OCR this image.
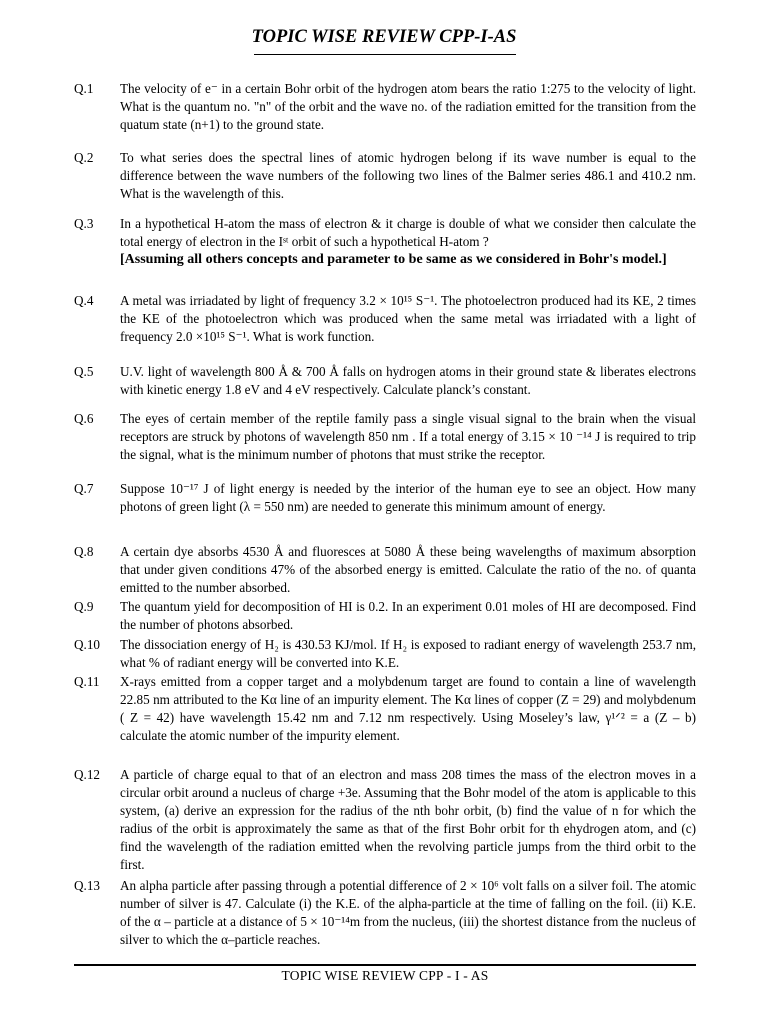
TOPIC WISE REVIEW CPP-I-AS
Q.1	The velocity of e⁻ in a certain Bohr orbit of the hydrogen atom bears the ratio 1:275 to the velocity of light. What is the quantum no. "n" of the orbit and the wave no. of the radiation emitted for the transition from the quatum state (n+1) to the ground state.
Q.2	To what series does the spectral lines of atomic hydrogen belong if its wave number is equal to the difference between the wave numbers of the following two lines of the Balmer series 486.1 and 410.2 nm. What is the wavelength of this.
Q.3	In a hypothetical H-atom the mass of electron & it charge is double of what we consider then calculate the total energy of electron in the Iˢᵗ orbit of such a hypothetical H-atom ?
[Assuming all others concepts and parameter to be same as we considered in Bohr's model.]
Q.4	A metal was irriadated by light of frequency 3.2 × 10¹⁵ S⁻¹. The photoelectron produced had its KE, 2 times the KE of the photoelectron which was produced when the same metal was irriadated with a light of frequency 2.0 ×10¹⁵ S⁻¹. What is work function.
Q.5	U.V. light of wavelength 800 Å & 700 Å falls on hydrogen atoms in their ground state & liberates electrons with kinetic energy 1.8 eV and 4 eV respectively. Calculate planck’s constant.
Q.6	The eyes of certain member of the reptile family pass a single visual signal to the brain when the visual receptors are struck by photons of wavelength 850 nm . If a total energy of 3.15 × 10 ⁻¹⁴ J is required to trip the signal, what is the minimum number of photons that must strike the receptor.
Q.7	Suppose 10⁻¹⁷ J of light energy is needed by the interior of the human eye to see an object. How many photons of green light (λ = 550 nm) are needed to generate this minimum amount of energy.
Q.8	A certain dye absorbs 4530 Å and fluoresces at 5080 Å these being wavelengths of maximum absorption that under given conditions 47% of the absorbed energy is emitted. Calculate the ratio of the no. of quanta emitted to the number absorbed.
Q.9	The quantum yield for decomposition of HI is 0.2. In an experiment 0.01 moles of HI are decomposed. Find the number of photons absorbed.
Q.10	The dissociation energy of H₂ is 430.53 KJ/mol. If H₂ is exposed to radiant energy of wavelength 253.7 nm, what % of radiant energy will be converted into K.E.
Q.11	X-rays emitted from a copper target and a molybdenum target are found to contain a line of wavelength 22.85 nm attributed to the Kα line of an impurity element. The Kα lines of copper (Z = 29) and molybdenum ( Z = 42) have wavelength 15.42 nm and 7.12 nm respectively. Using Moseley’s law, γ¹ᐟ² = a (Z – b) calculate the atomic number of the impurity element.
Q.12	A particle of charge equal to that of an electron and mass 208 times the mass of the electron moves in a circular orbit around a nucleus of charge +3e. Assuming that the Bohr model of the atom is applicable to this system, (a) derive an expression for the radius of the nth bohr orbit, (b) find the value of n for which the radius of the orbit is approximately the same as that of the first Bohr orbit for th ehydrogen atom, and (c) find the wavelength of the radiation emitted when the revolving particle jumps from the third orbit to the first.
Q.13	An alpha particle after passing through a potential difference of 2 × 10⁶ volt falls on a silver foil. The atomic number of silver is 47. Calculate (i) the K.E. of the alpha-particle at the time of falling on the foil. (ii) K.E. of the α – particle at a distance of 5 × 10⁻¹⁴m from the nucleus, (iii) the shortest distance from the nucleus of silver to which the α–particle reaches.
TOPIC WISE REVIEW CPP - I - AS
